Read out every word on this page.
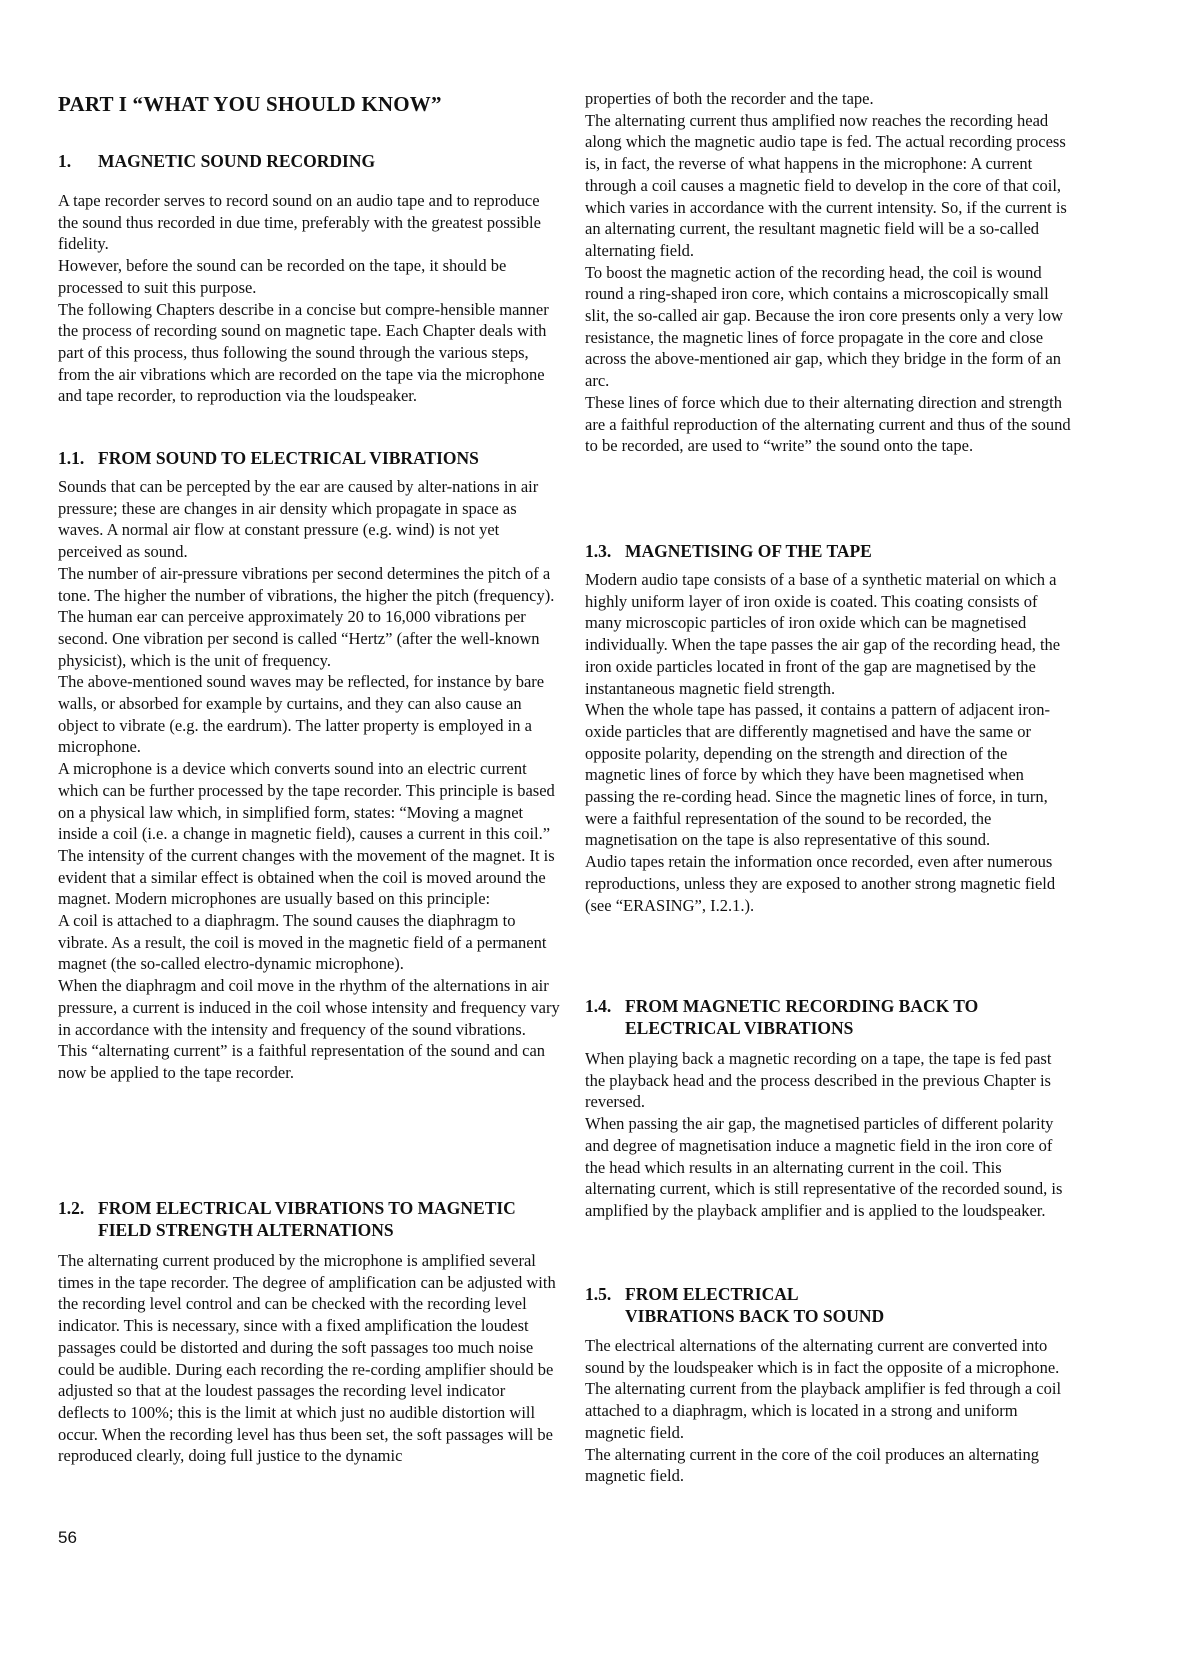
PART I “WHAT YOU SHOULD KNOW”
1. MAGNETIC SOUND RECORDING

A tape recorder serves to record sound on an audio tape and to reproduce the sound thus recorded in due time, preferably with the greatest possible fidelity.
However, before the sound can be recorded on the tape, it should be processed to suit this purpose.
The following Chapters describe in a concise but compre-hensible manner the process of recording sound on magnetic tape. Each Chapter deals with part of this process, thus following the sound through the various steps, from the air vibrations which are recorded on the tape via the microphone and tape recorder, to reproduction via the loudspeaker.

1.1. FROM SOUND TO ELECTRICAL VIBRATIONS

Sounds that can be percepted by the ear are caused by alter-nations in air pressure; these are changes in air density which propagate in space as waves. A normal air flow at constant pressure (e.g. wind) is not yet perceived as sound.
The number of air-pressure vibrations per second determines the pitch of a tone. The higher the number of vibrations, the higher the pitch (frequency). The human ear can perceive approximately 20 to 16,000 vibrations per second. One vibration per second is called “Hertz” (after the well-known physicist), which is the unit of frequency.
The above-mentioned sound waves may be reflected, for instance by bare walls, or absorbed for example by curtains, and they can also cause an object to vibrate (e.g. the eardrum). The latter property is employed in a microphone.
A microphone is a device which converts sound into an electric current which can be further processed by the tape recorder. This principle is based on a physical law which, in simplified form, states: “Moving a magnet inside a coil (i.e. a change in magnetic field), causes a current in this coil.” The intensity of the current changes with the movement of the magnet. It is evident that a similar effect is obtained when the coil is moved around the magnet. Modern microphones are usually based on this principle:
A coil is attached to a diaphragm. The sound causes the diaphragm to vibrate. As a result, the coil is moved in the magnetic field of a permanent magnet (the so-called electro-dynamic microphone).
When the diaphragm and coil move in the rhythm of the alternations in air pressure, a current is induced in the coil whose intensity and frequency vary in accordance with the intensity and frequency of the sound vibrations.
This “alternating current” is a faithful representation of the sound and can now be applied to the tape recorder.

1.2. FROM ELECTRICAL VIBRATIONS TO MAGNETIC FIELD STRENGTH ALTERNATIONS

The alternating current produced by the microphone is amplified several times in the tape recorder. The degree of amplification can be adjusted with the recording level control and can be checked with the recording level indicator. This is necessary, since with a fixed amplification the loudest passages could be distorted and during the soft passages too much noise could be audible. During each recording the re-cording amplifier should be adjusted so that at the loudest passages the recording level indicator deflects to 100%; this is the limit at which just no audible distortion will occur. When the recording level has thus been set, the soft passages will be reproduced clearly, doing full justice to the dynamic

properties of both the recorder and the tape.
The alternating current thus amplified now reaches the recording head along which the magnetic audio tape is fed. The actual recording process is, in fact, the reverse of what happens in the microphone: A current through a coil causes a magnetic field to develop in the core of that coil, which varies in accordance with the current intensity. So, if the current is an alternating current, the resultant magnetic field will be a so-called alternating field.
To boost the magnetic action of the recording head, the coil is wound round a ring-shaped iron core, which contains a microscopically small slit, the so-called air gap. Because the iron core presents only a very low resistance, the magnetic lines of force propagate in the core and close across the above-mentioned air gap, which they bridge in the form of an arc.
These lines of force which due to their alternating direction and strength are a faithful reproduction of the alternating current and thus of the sound to be recorded, are used to “write” the sound onto the tape.

1.3. MAGNETISING OF THE TAPE

Modern audio tape consists of a base of a synthetic material on which a highly uniform layer of iron oxide is coated. This coating consists of many microscopic particles of iron oxide which can be magnetised individually. When the tape passes the air gap of the recording head, the iron oxide particles located in front of the gap are magnetised by the instantaneous magnetic field strength.
When the whole tape has passed, it contains a pattern of adjacent iron-oxide particles that are differently magnetised and have the same or opposite polarity, depending on the strength and direction of the magnetic lines of force by which they have been magnetised when passing the re-cording head. Since the magnetic lines of force, in turn, were a faithful representation of the sound to be recorded, the magnetisation on the tape is also representative of this sound.
Audio tapes retain the information once recorded, even after numerous reproductions, unless they are exposed to another strong magnetic field (see “ERASING”, I.2.1.).

1.4. FROM MAGNETIC RECORDING BACK TO ELECTRICAL VIBRATIONS

When playing back a magnetic recording on a tape, the tape is fed past the playback head and the process described in the previous Chapter is reversed.
When passing the air gap, the magnetised particles of different polarity and degree of magnetisation induce a magnetic field in the iron core of the head which results in an alternating current in the coil. This alternating current, which is still representative of the recorded sound, is amplified by the playback amplifier and is applied to the loudspeaker.

1.5. FROM ELECTRICAL VIBRATIONS BACK TO SOUND

The electrical alternations of the alternating current are converted into sound by the loudspeaker which is in fact the opposite of a microphone.
The alternating current from the playback amplifier is fed through a coil attached to a diaphragm, which is located in a strong and uniform magnetic field.
The alternating current in the core of the coil produces an alternating magnetic field.

56
